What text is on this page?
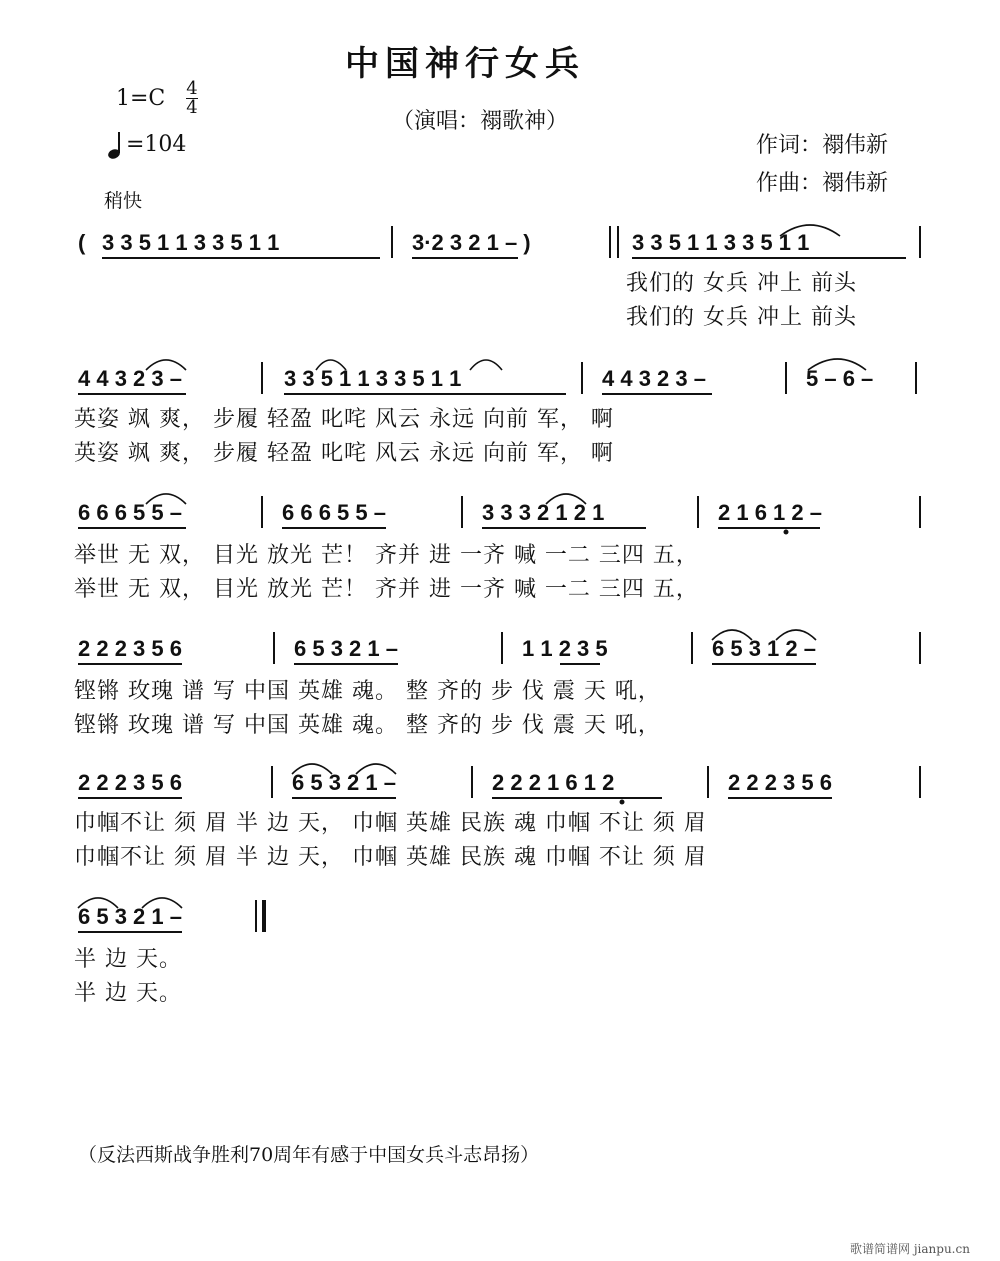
中国神行女兵
1=C 4
4
（演唱：禤歌神）
=104	作词：禤伟新
作曲：禤伟新
稍快
( 3 3 5 1 1 3 3 5 1 1	3·2 3 2 1 – )	3 3 5 1 1 3 3 5 1 1
我们的 女兵 冲上 前头
我们的 女兵 冲上 前头
4 4 3 2 3 –	3 3 5 1 1 3 3 5 1 1	4 4 3 2 3 –	5 – 6 –
英姿 飒 爽， 步履 轻盈 叱咤 风云 永远 向前 军， 啊
英姿 飒 爽， 步履 轻盈 叱咤 风云 永远 向前 军， 啊
6 6 6 5 5 –	6 6 6 5 5 –	3 3 3 2 1 2 1	2 1 6 1 2 –
举世 无 双， 目光 放光 芒！ 齐并 进 一齐 喊 一二 三四 五，
举世 无 双， 目光 放光 芒！ 齐并 进 一齐 喊 一二 三四 五，
2 2 2 3 5 6	6 5 3 2 1 –	1 1 2 3 5	6 5 3 1 2 –
铿锵 玫瑰 谱 写 中国 英雄 魂。 整 齐的 步 伐 震 天 吼，
铿锵 玫瑰 谱 写 中国 英雄 魂。 整 齐的 步 伐 震 天 吼，
2 2 2 3 5 6	6 5 3 2 1 –	2 2 2 1 6 1 2	2 2 2 3 5 6
巾帼不让 须 眉 半 边 天， 巾帼 英雄 民族 魂 巾帼 不让 须 眉
巾帼不让 须 眉 半 边 天， 巾帼 英雄 民族 魂 巾帼 不让 须 眉
6 5 3 2 1 –
半 边 天。
半 边 天。
（反法西斯战争胜利70周年有感于中国女兵斗志昂扬）
歌谱简谱网 jianpu.cn
